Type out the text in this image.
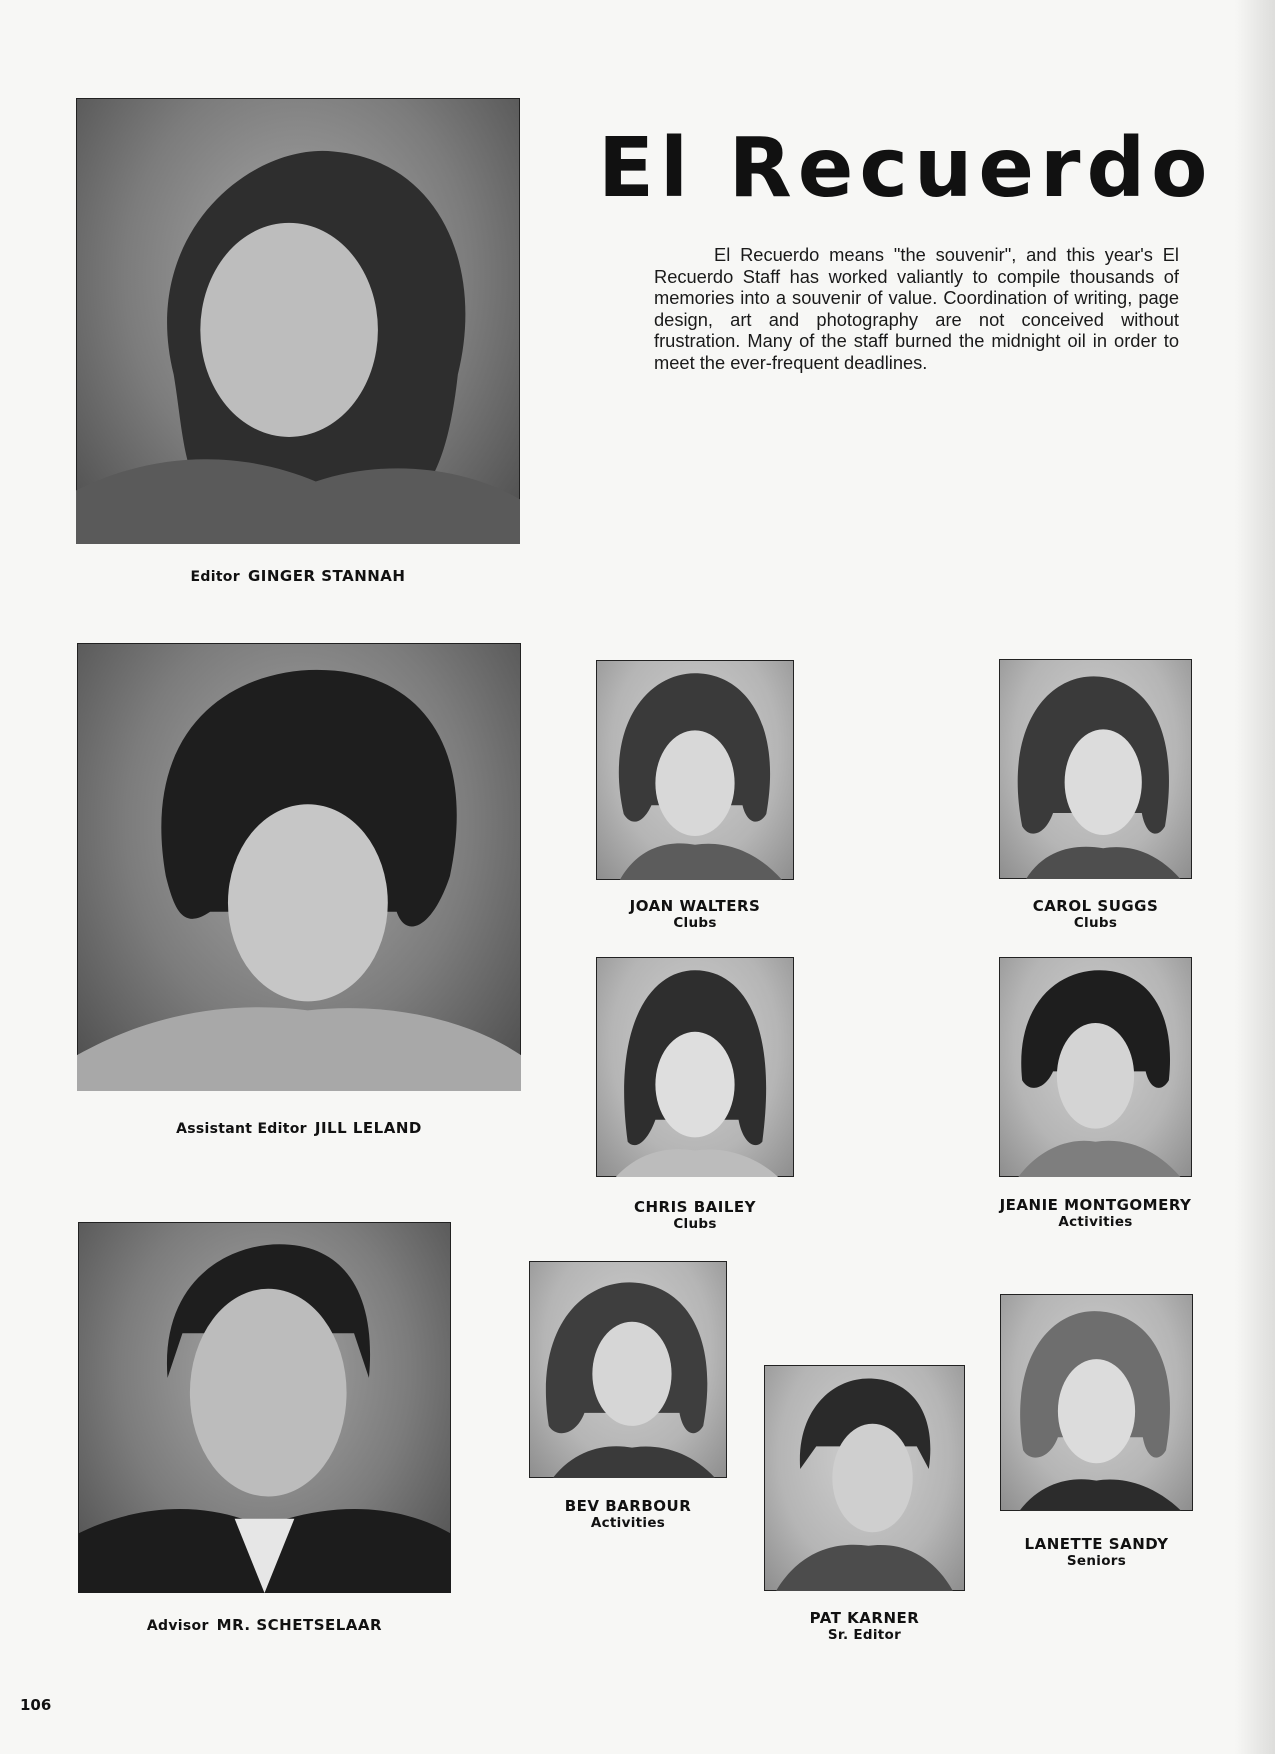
El Recuerdo
El Recuerdo means "the souvenir", and this year's El Recuerdo Staff has worked valiantly to compile thousands of memories into a souvenir of value. Coordination of writing, page design, art and photography are not conceived without frustration. Many of the staff burned the midnight oil in order to meet the ever-frequent deadlines.
Editor GINGER STANNAH
Assistant Editor JILL LELAND
Advisor MR. SCHETSELAAR
JOAN WALTERS
Clubs
CAROL SUGGS
Clubs
CHRIS BAILEY
Clubs
JEANIE MONTGOMERY
Activities
BEV BARBOUR
Activities
PAT KARNER
Sr. Editor
LANETTE SANDY
Seniors
106
